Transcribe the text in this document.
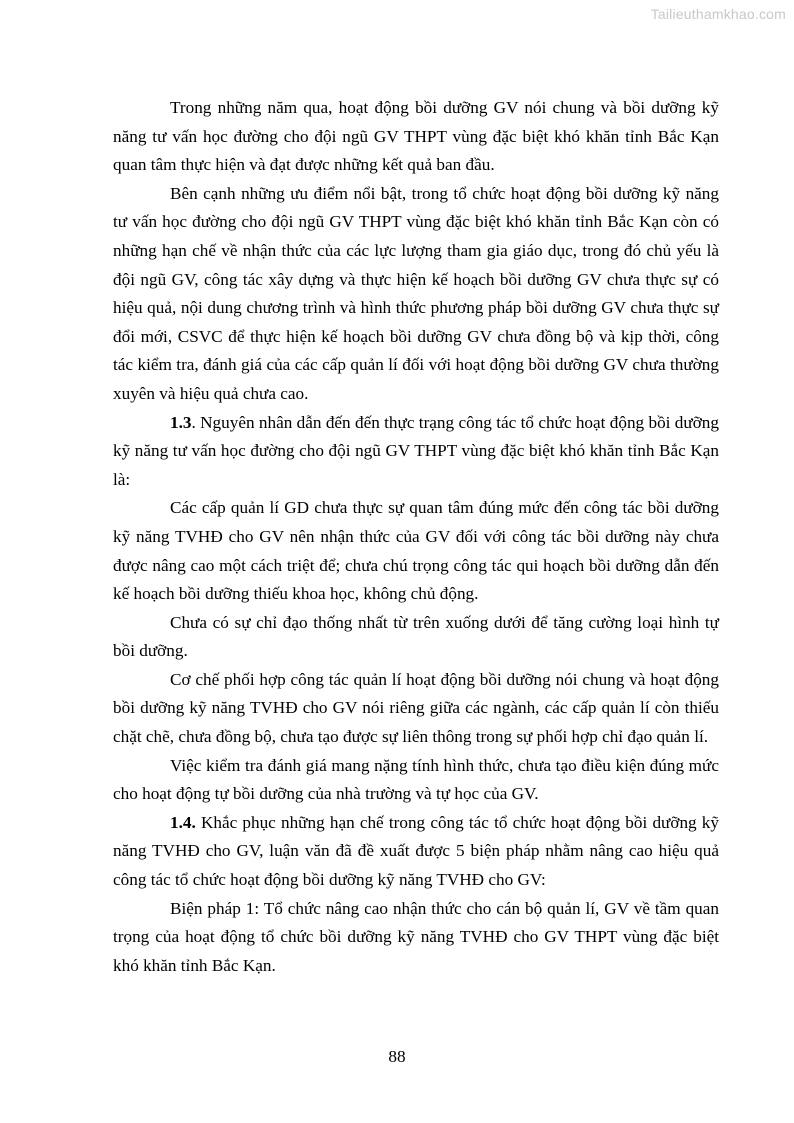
Tailieuthamkhao.com

Trong những năm qua, hoạt động bồi dưỡng GV nói chung và bồi dưỡng kỹ năng tư vấn học đường cho đội ngũ GV THPT vùng đặc biệt khó khăn tỉnh Bắc Kạn quan tâm thực hiện và đạt được những kết quả ban đầu.

Bên cạnh những ưu điểm nổi bật, trong tổ chức hoạt động bồi dưỡng kỹ năng tư vấn học đường cho đội ngũ GV THPT vùng đặc biệt khó khăn tỉnh Bắc Kạn còn có những hạn chế về nhận thức của các lực lượng tham gia giáo dục, trong đó chủ yếu là đội ngũ GV, công tác xây dựng và thực hiện kế hoạch bồi dưỡng GV chưa thực sự có hiệu quả, nội dung chương trình và hình thức phương pháp bồi dưỡng GV chưa thực sự đổi mới, CSVC để thực hiện kế hoạch bồi dưỡng GV chưa đồng bộ và kịp thời, công tác kiểm tra, đánh giá của các cấp quản lí đối với hoạt động bồi dưỡng GV chưa thường xuyên và hiệu quả chưa cao.

1.3. Nguyên nhân dẫn đến đến thực trạng công tác tổ chức hoạt động bồi dưỡng kỹ năng tư vấn học đường cho đội ngũ GV THPT vùng đặc biệt khó khăn tỉnh Bắc Kạn là:

Các cấp quản lí GD chưa thực sự quan tâm đúng mức đến công tác bồi dưỡng kỹ năng TVHĐ cho GV nên nhận thức của GV đối với công tác bồi dưỡng này chưa được nâng cao một cách triệt để; chưa chú trọng công tác qui hoạch bồi dưỡng dẫn đến kế hoạch bồi dưỡng thiếu khoa học, không chủ động.

Chưa có sự chỉ đạo thống nhất từ trên xuống dưới để tăng cường loại hình tự bồi dưỡng.

Cơ chế phối hợp công tác quản lí hoạt động bồi dưỡng nói chung và hoạt động bồi dưỡng kỹ năng TVHĐ cho GV nói riêng giữa các ngành, các cấp quản lí còn thiếu chặt chẽ, chưa đồng bộ, chưa tạo được sự liên thông trong sự phối hợp chỉ đạo quản lí.

Việc kiểm tra đánh giá mang nặng tính hình thức, chưa tạo điều kiện đúng mức cho hoạt động tự bồi dưỡng của nhà trường và tự học của GV.

1.4. Khắc phục những hạn chế trong công tác tổ chức hoạt động bồi dưỡng kỹ năng TVHĐ cho GV, luận văn đã đề xuất được 5 biện pháp nhằm nâng cao hiệu quả công tác tổ chức hoạt động bồi dưỡng kỹ năng TVHĐ cho GV:

Biện pháp 1: Tổ chức nâng cao nhận thức cho cán bộ quản lí, GV về tầm quan trọng của hoạt động tổ chức bồi dưỡng kỹ năng TVHĐ cho GV THPT vùng đặc biệt khó khăn tỉnh Bắc Kạn.

88
